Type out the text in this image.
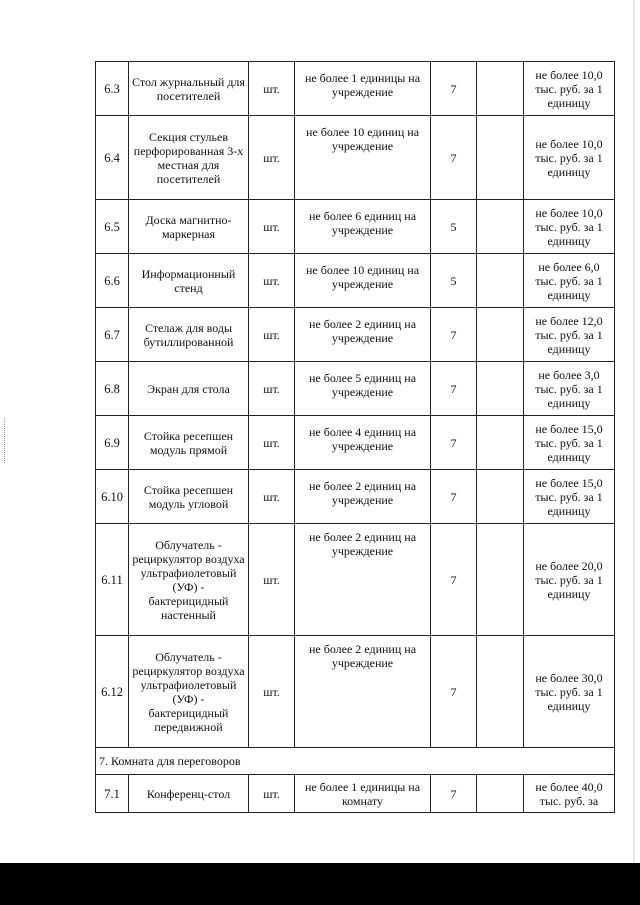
6.3	Стол журнальный для посетителей	шт.	не более 1 единицы на учреждение	7		не более 10,0 тыс. руб. за 1 единицу
6.4	Секция стульев перфорированная 3-х местная для посетителей	шт.	не более 10 единиц на учреждение	7		не более 10,0 тыс. руб. за 1 единицу
6.5	Доска магнитно-маркерная	шт.	не более 6 единиц на учреждение	5		не более 10,0 тыс. руб. за 1 единицу
6.6	Информационный стенд	шт.	не более 10 единиц на учреждение	5		не более 6,0 тыс. руб. за 1 единицу
6.7	Стелаж для воды бутиллированной	шт.	не более 2 единиц на учреждение	7		не более 12,0 тыс. руб. за 1 единицу
6.8	Экран для стола	шт.	не более 5 единиц на учреждение	7		не более 3,0 тыс. руб. за 1 единицу
6.9	Стойка ресепшен модуль прямой	шт.	не более 4 единиц на учреждение	7		не более 15,0 тыс. руб. за 1 единицу
6.10	Стойка ресепшен модуль угловой	шт.	не более 2 единиц на учреждение	7		не более 15,0 тыс. руб. за 1 единицу
6.11	Облучатель - рециркулятор воздуха ультрафиолетовый (УФ) - бактерицидный настенный	шт.	не более 2 единиц на учреждение	7		не более 20,0 тыс. руб. за 1 единицу
6.12	Облучатель - рециркулятор воздуха ультрафиолетовый (УФ) - бактерицидный передвижной	шт.	не более 2 единиц на учреждение	7		не более 30,0 тыс. руб. за 1 единицу
7. Комната для переговоров						
7.1	Конференц-стол	шт.	не более 1 единицы на комнату	7		не более 40,0 тыс. руб. за
